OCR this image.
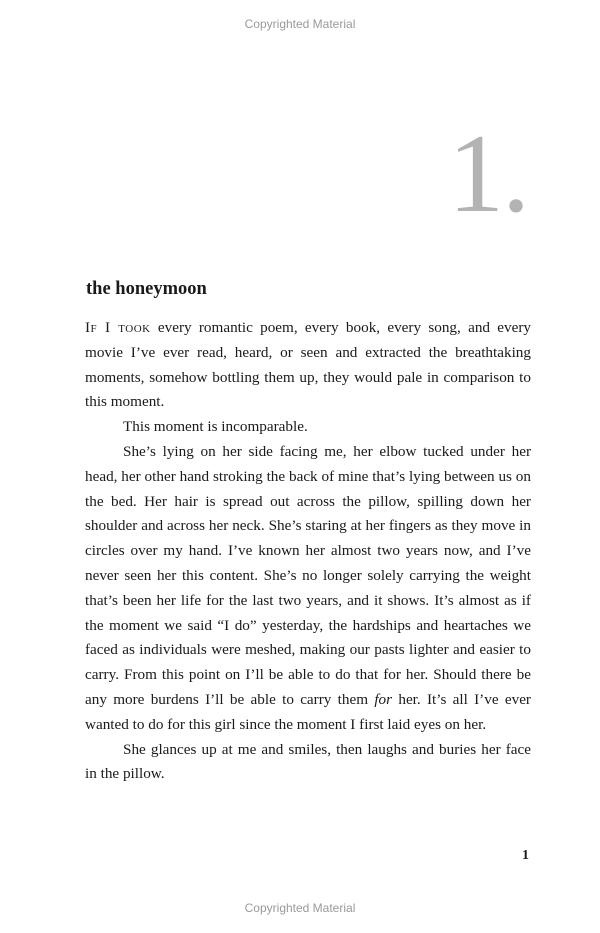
Copyrighted Material
1.
the honeymoon

If I took every romantic poem, every book, every song, and every movie I’ve ever read, heard, or seen and extracted the breathtaking moments, somehow bottling them up, they would pale in comparison to this moment.

This moment is incomparable.

She’s lying on her side facing me, her elbow tucked under her head, her other hand stroking the back of mine that’s lying between us on the bed. Her hair is spread out across the pillow, spilling down her shoulder and across her neck. She’s staring at her fingers as they move in circles over my hand. I’ve known her almost two years now, and I’ve never seen her this content. She’s no longer solely carrying the weight that’s been her life for the last two years, and it shows. It’s almost as if the moment we said “I do” yesterday, the hardships and heartaches we faced as individuals were meshed, making our pasts lighter and easier to carry. From this point on I’ll be able to do that for her. Should there be any more burdens I’ll be able to carry them for her. It’s all I’ve ever wanted to do for this girl since the moment I first laid eyes on her.

She glances up at me and smiles, then laughs and buries her face in the pillow.

1
Copyrighted Material
